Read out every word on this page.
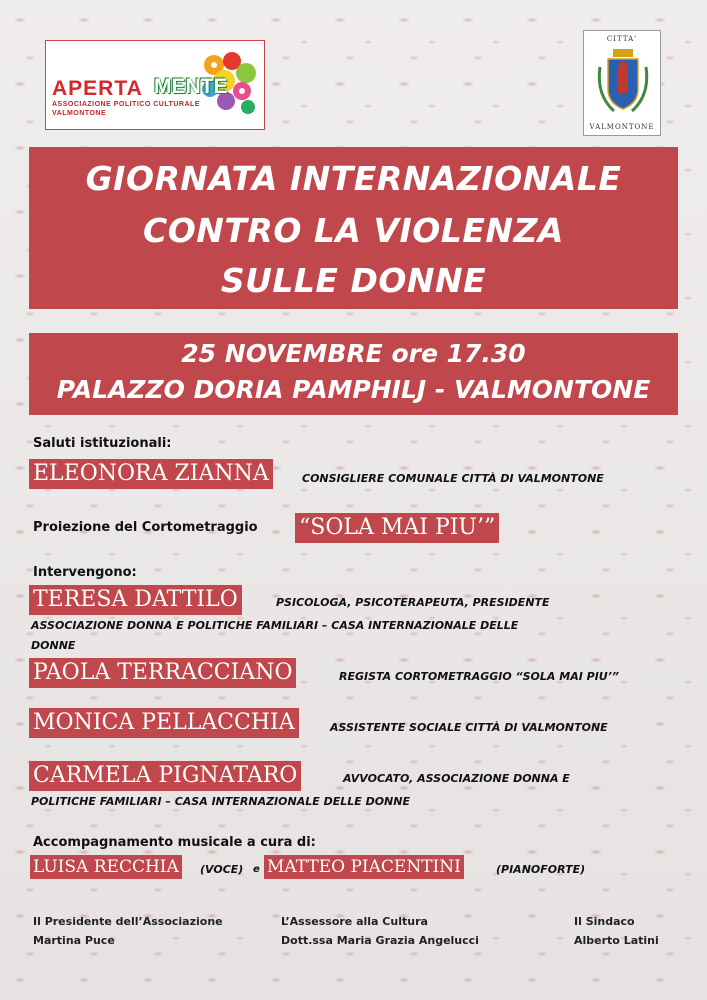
APERTA MENTE
ASSOCIAZIONE POLITICO CULTURALE
VALMONTONE
CITTA'
VALMONTONE
GIORNATA INTERNAZIONALE
CONTRO LA VIOLENZA
SULLE DONNE
25 NOVEMBRE ore 17.30
PALAZZO DORIA PAMPHILJ - VALMONTONE
Saluti istituzionali:
ELEONORA ZIANNA	CONSIGLIERE COMUNALE CITTÀ DI VALMONTONE
Proiezione del Cortometraggio “SOLA MAI PIU’”
Intervengono:
TERESA DATTILO	PSICOLOGA, PSICOTERAPEUTA, PRESIDENTE
ASSOCIAZIONE DONNA E POLITICHE FAMILIARI – CASA INTERNAZIONALE DELLE
DONNE
PAOLA TERRACCIANO	REGISTA CORTOMETRAGGIO “SOLA MAI PIU’”
MONICA PELLACCHIA	ASSISTENTE SOCIALE CITTÀ DI VALMONTONE
CARMELA PIGNATARO	AVVOCATO, ASSOCIAZIONE DONNA E
POLITICHE FAMILIARI – CASA INTERNAZIONALE DELLE DONNE
Accompagnamento musicale a cura di:
LUISA RECCHIA (VOCE) e MATTEO PIACENTINI	(PIANOFORTE)
Il Presidente dell’Associazione
Martina Puce
L’Assessore alla Cultura
Dott.ssa Maria Grazia Angelucci
Il Sindaco
Alberto Latini
